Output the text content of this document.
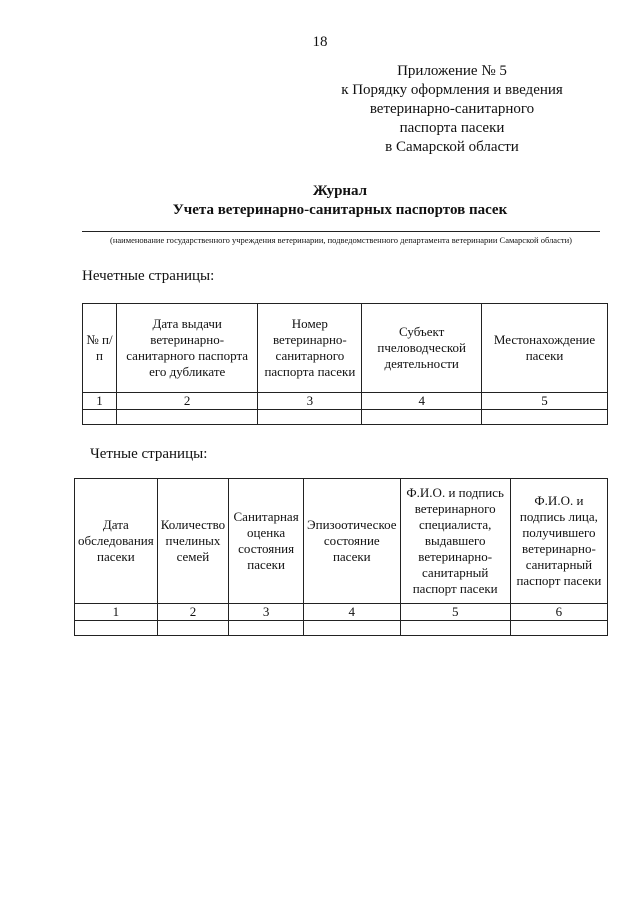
18
Приложение № 5
к Порядку оформления и введения
ветеринарно-санитарного
паспорта пасеки
в Самарской области
Журнал
Учета ветеринарно-санитарных паспортов пасек
(наименование государственного учреждения ветеринарии, подведомственного департамента ветеринарии Самарской области)
Нечетные страницы:
№ п/п	Дата выдачи ветеринарно-санитарного паспорта его дубликате	Номер ветеринарно-санитарного паспорта пасеки	Субъект пчеловодческой деятельности	Местонахождение пасеки
1	2	3	4	5

Четные страницы:
Дата обследования пасеки	Количество пчелиных семей	Санитарная оценка состояния пасеки	Эпизоотическое состояние пасеки	Ф.И.О. и подпись ветеринарного специалиста, выдавшего ветеринарно-санитарный паспорт пасеки	Ф.И.О. и подпись лица, получившего ветеринарно-санитарный паспорт пасеки
1	2	3	4	5	6
